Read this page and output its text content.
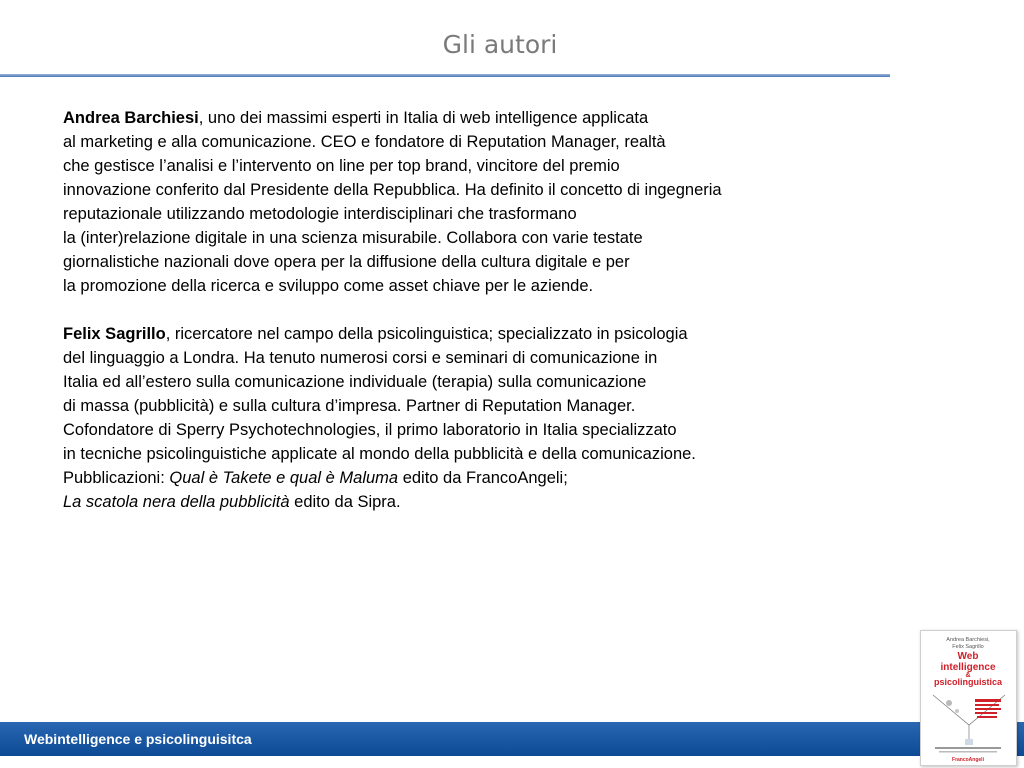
Gli autori
Andrea Barchiesi, uno dei massimi esperti in Italia di web intelligence applicata
al marketing e alla comunicazione. CEO e fondatore di Reputation Manager, realtà
che gestisce l’analisi e l’intervento on line per top brand, vincitore del premio
innovazione conferito dal Presidente della Repubblica. Ha definito il concetto di ingegneria
reputazionale utilizzando metodologie interdisciplinari che trasformano
la (inter)relazione digitale in una scienza misurabile. Collabora con varie testate
giornalistiche nazionali dove opera per la diffusione della cultura digitale e per
la promozione della ricerca e sviluppo come asset chiave per le aziende.
Felix Sagrillo, ricercatore nel campo della psicolinguistica; specializzato in psicologia
del linguaggio a Londra. Ha tenuto numerosi corsi e seminari di comunicazione in
Italia ed all’estero sulla comunicazione individuale (terapia) sulla comunicazione
di massa (pubblicità) e sulla cultura d’impresa. Partner di Reputation Manager.
Cofondatore di Sperry Psychotechnologies, il primo laboratorio in Italia specializzato
in tecniche psicolinguistiche applicate al mondo della pubblicità e della comunicazione.
Pubblicazioni: Qual è Takete e qual è Maluma edito da FrancoAngeli;
La scatola nera della pubblicità edito da Sipra.
Webintelligence e psicolinguisitca
Andrea Barchiesi,
Felix Sagrillo
Web
intelligence
&
psicolinguistica
FrancoAngeli
